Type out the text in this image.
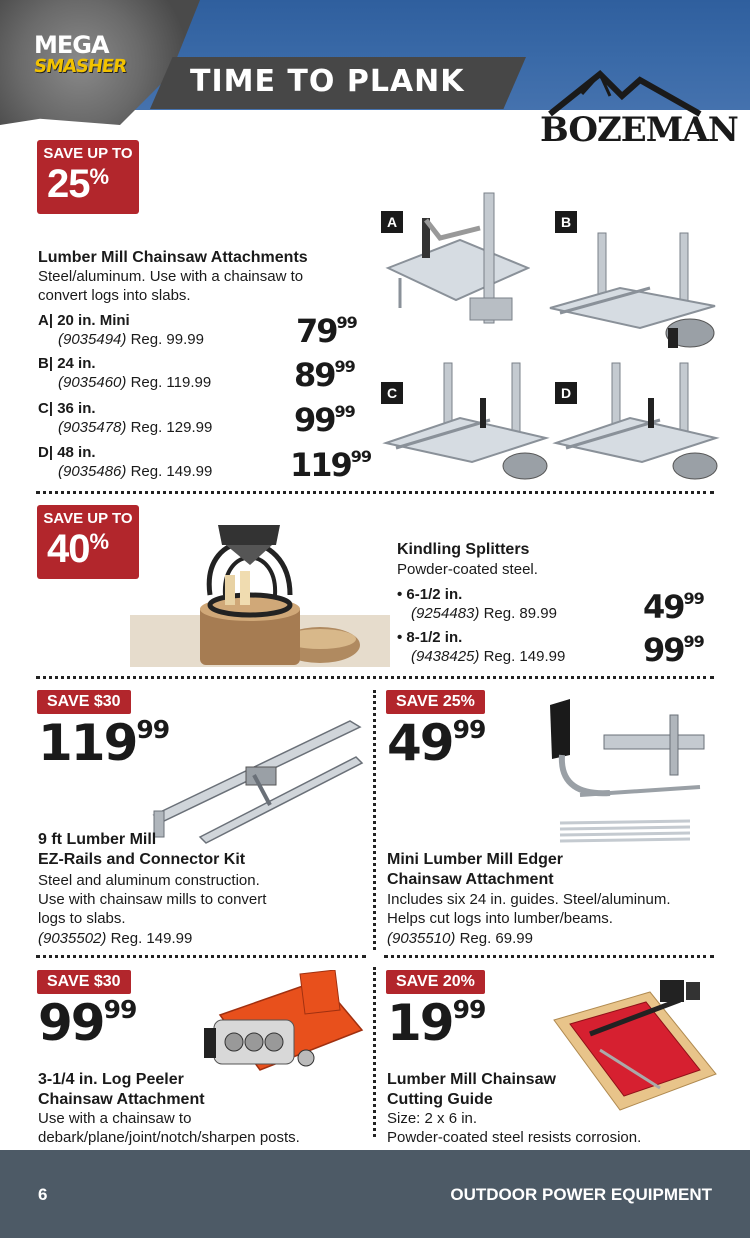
MEGA
SMASHER TIME TO PLANK
BOZEMAN
SAVE UP TO
25%
Lumber Mill Chainsaw Attachments
Steel/aluminum. Use with a chainsaw to convert logs into slabs.
A| 20 in. Mini
(9035494) Reg. 99.99	$79^{99}$
B| 24 in.
(9035460) Reg. 119.99	$89^{99}$
C| 36 in.
(9035478) Reg. 129.99	$99^{99}$
D| 48 in.
(9035486) Reg. 149.99 $119^{99}$
A	B
C	D
SAVE UP TO
40%	Kindling Splitters
Powder-coated steel.
• 6-1/2 in.
(9254483) Reg. 89.99	$49^{99}$
• 8-1/2 in.
(9438425) Reg. 149.99 $99^{99}$
SAVE $30
$119^{99}$
9 ft Lumber Mill
EZ-Rails and Connector Kit
Steel and aluminum construction.
Use with chainsaw mills to convert
logs to slabs.
(9035502) Reg. 149.99
SAVE 25%
$49^{99}$
Mini Lumber Mill Edger
Chainsaw Attachment
Includes six 24 in. guides. Steel/aluminum.
Helps cut logs into lumber/beams.
(9035510) Reg. 69.99
SAVE $30
$99^{99}$
3-1/4 in. Log Peeler
Chainsaw Attachment
Use with a chainsaw to
debark/plane/joint/notch/sharpen posts.
SAVE 20%
$19^{99}$
Lumber Mill Chainsaw
Cutting Guide
Size: 2 x 6 in.
Powder-coated steel resists corrosion.
6	OUTDOOR POWER EQUIPMENT
